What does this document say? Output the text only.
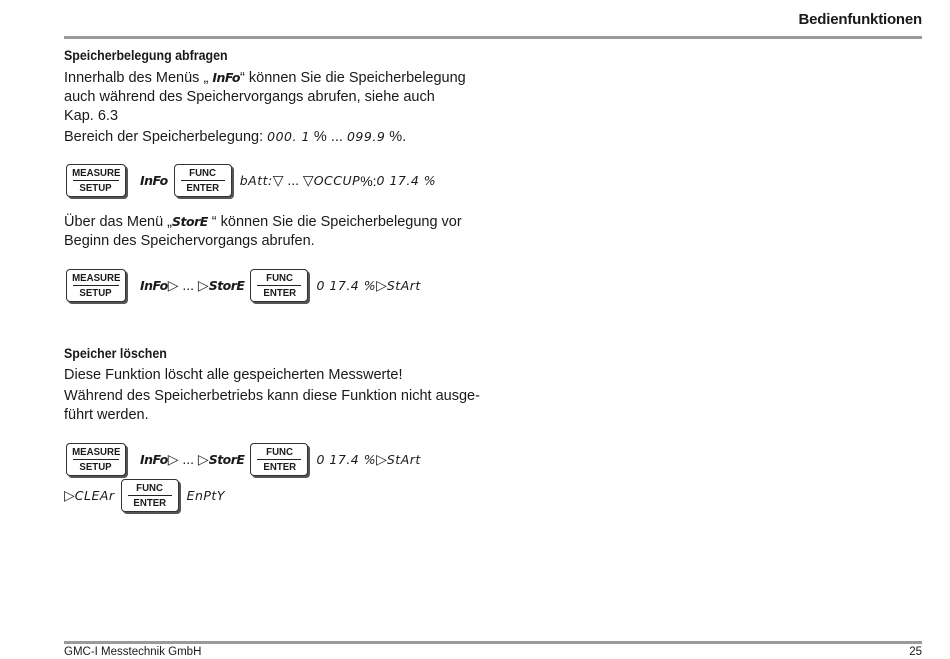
Bedienfunktionen
Speicherbelegung abfragen
Innerhalb des Menüs „ InFo“ können Sie die Speicherbelegung
auch während des Speichervorgangs abrufen, siehe auch
Kap. 6.3
Bereich der Speicherbelegung: 000. 1 % ... 099.9 %.
MEASURE
SETUP InFo FUNC
ENTER bAtt: ▽ ... ▽ OCCUP %: 0 17.4 %
Über das Menü „StorE “ können Sie die Speicherbelegung vor
Beginn des Speichervorgangs abrufen.
MEASURE
SETUP InFo ▷ ... ▷ StorE FUNC
ENTER 0 17.4 % ▷ StArt
Speicher löschen
Diese Funktion löscht alle gespeicherten Messwerte!
Während des Speicherbetriebs kann diese Funktion nicht ausge-
führt werden.
MEASURE
SETUP InFo ▷ ... ▷ StorE FUNC
ENTER 0 17.4 % ▷ StArt
▷ CLEAr FUNC
ENTER EnPtY
GMC-I Messtechnik GmbH	25
